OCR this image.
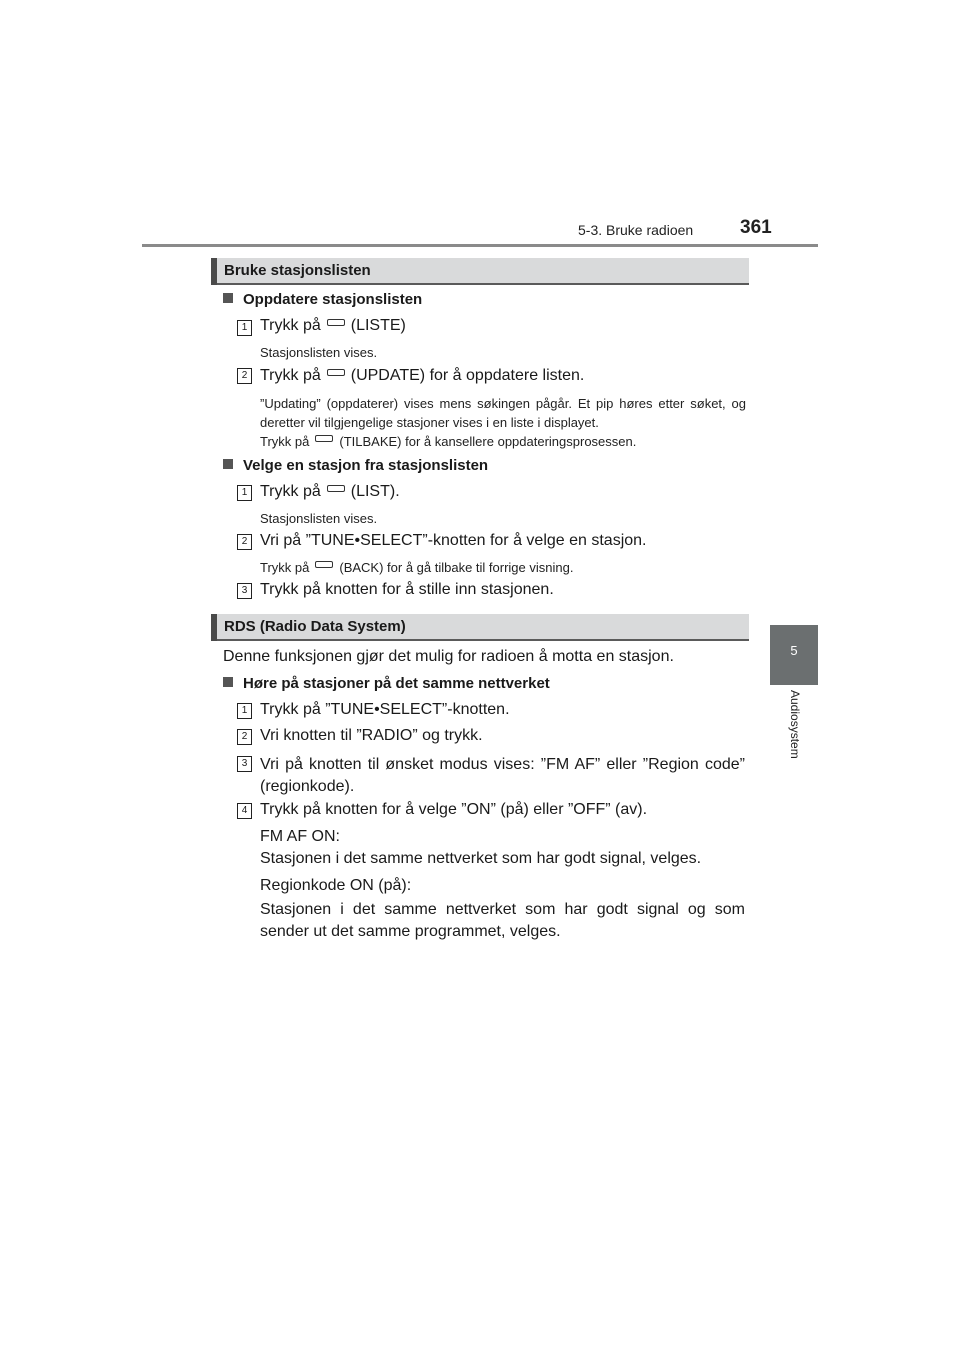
5-3. Bruke radioen 361
5
Audiosystem
Bruke stasjonslisten
Oppdatere stasjonslisten
1 Trykk på (LISTE)
Stasjonslisten vises.
2 Trykk på (UPDATE) for å oppdatere listen.
”Updating” (oppdaterer) vises mens søkingen pågår. Et pip høres etter søket, og deretter vil tilgjengelige stasjoner vises i en liste i displayet.
Trykk på (TILBAKE) for å kansellere oppdateringsprosessen.
Velge en stasjon fra stasjonslisten
1 Trykk på (LIST).
Stasjonslisten vises.
2 Vri på ”TUNE•SELECT”-knotten for å velge en stasjon.
Trykk på (BACK) for å gå tilbake til forrige visning.
3 Trykk på knotten for å stille inn stasjonen.
RDS (Radio Data System)
Denne funksjonen gjør det mulig for radioen å motta en stasjon.
Høre på stasjoner på det samme nettverket
1 Trykk på ”TUNE•SELECT”-knotten.
2 Vri knotten til ”RADIO” og trykk.
3 Vri på knotten til ønsket modus vises: ”FM AF” eller ”Region code” (regionkode).
4 Trykk på knotten for å velge ”ON” (på) eller ”OFF” (av).
FM AF ON:
Stasjonen i det samme nettverket som har godt signal, velges.
Regionkode ON (på):
Stasjonen i det samme nettverket som har godt signal og som sender ut det samme programmet, velges.
